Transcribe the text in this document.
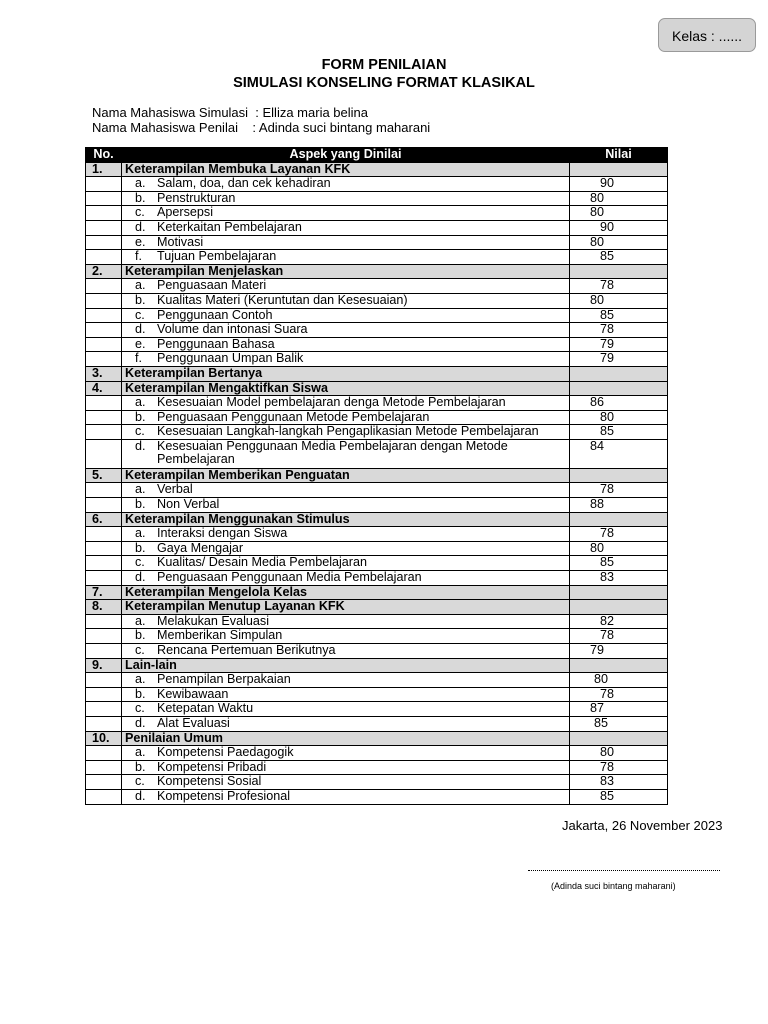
Kelas : ......
FORM PENILAIAN
SIMULASI KONSELING FORMAT KLASIKAL
Nama Mahasiswa Simulasi  : Elliza maria belina
Nama Mahasiswa Penilai    : Adinda suci bintang maharani
No.	Aspek yang Dinilai	Nilai
1.	Keterampilan Membuka Layanan KFK	
	a. Salam, doa, dan cek kehadiran	90
	b. Penstrukturan	80
	c. Apersepsi	80
	d. Keterkaitan Pembelajaran	90
	e. Motivasi	80
	f. Tujuan Pembelajaran	85
2.	Keterampilan Menjelaskan	
	a. Penguasaan Materi	78
	b. Kualitas Materi (Keruntutan dan Kesesuaian)	80
	c. Penggunaan Contoh	85
	d. Volume dan intonasi Suara	78
	e. Penggunaan Bahasa	79
	f. Penggunaan Umpan Balik	79
3.	Keterampilan Bertanya	
4.	Keterampilan Mengaktifkan Siswa	
	a. Kesesuaian Model pembelajaran denga Metode Pembelajaran	86
	b. Penguasaan Penggunaan Metode Pembelajaran	80
	c. Kesesuaian Langkah-langkah Pengaplikasian Metode Pembelajaran	85
	d. Kesesuaian Penggunaan Media Pembelajaran dengan Metode Pembelajaran	84
5.	Keterampilan Memberikan Penguatan	
	a. Verbal	78
	b. Non Verbal	88
6.	Keterampilan Menggunakan Stimulus	
	a. Interaksi dengan Siswa	78
	b. Gaya Mengajar	80
	c. Kualitas/ Desain Media Pembelajaran	85
	d. Penguasaan Penggunaan Media Pembelajaran	83
7.	Keterampilan Mengelola Kelas	
8.	Keterampilan Menutup Layanan KFK	
	a. Melakukan Evaluasi	82
	b. Memberikan Simpulan	78
	c. Rencana Pertemuan Berikutnya	79
9.	Lain-lain	
	a. Penampilan Berpakaian	80
	b. Kewibawaan	78
	c. Ketepatan Waktu	87
	d. Alat Evaluasi	85
10.	Penilaian Umum	
	a. Kompetensi Paedagogik	80
	b. Kompetensi Pribadi	78
	c. Kompetensi Sosial	83
	d. Kompetensi Profesional	85
Jakarta, 26 November 2023
(Adinda suci bintang maharani)
